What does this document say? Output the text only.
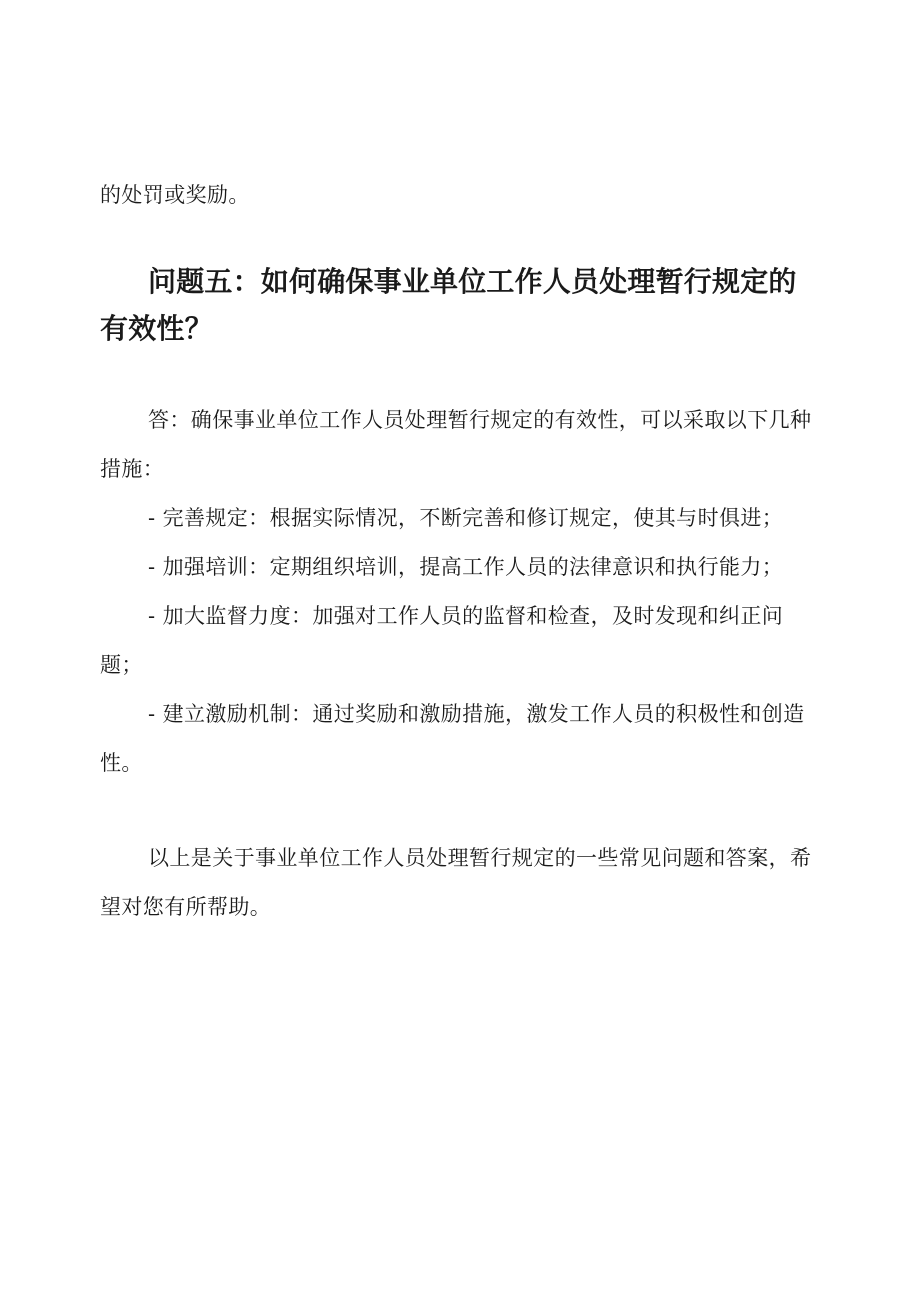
的处罚或奖励。

问题五：如何确保事业单位工作人员处理暂行规定的有效性？

答：确保事业单位工作人员处理暂行规定的有效性，可以采取以下几种措施：

- 完善规定：根据实际情况，不断完善和修订规定，使其与时俱进；

- 加强培训：定期组织培训，提高工作人员的法律意识和执行能力；

- 加大监督力度：加强对工作人员的监督和检查，及时发现和纠正问题；

- 建立激励机制：通过奖励和激励措施，激发工作人员的积极性和创造性。

以上是关于事业单位工作人员处理暂行规定的一些常见问题和答案，希望对您有所帮助。
